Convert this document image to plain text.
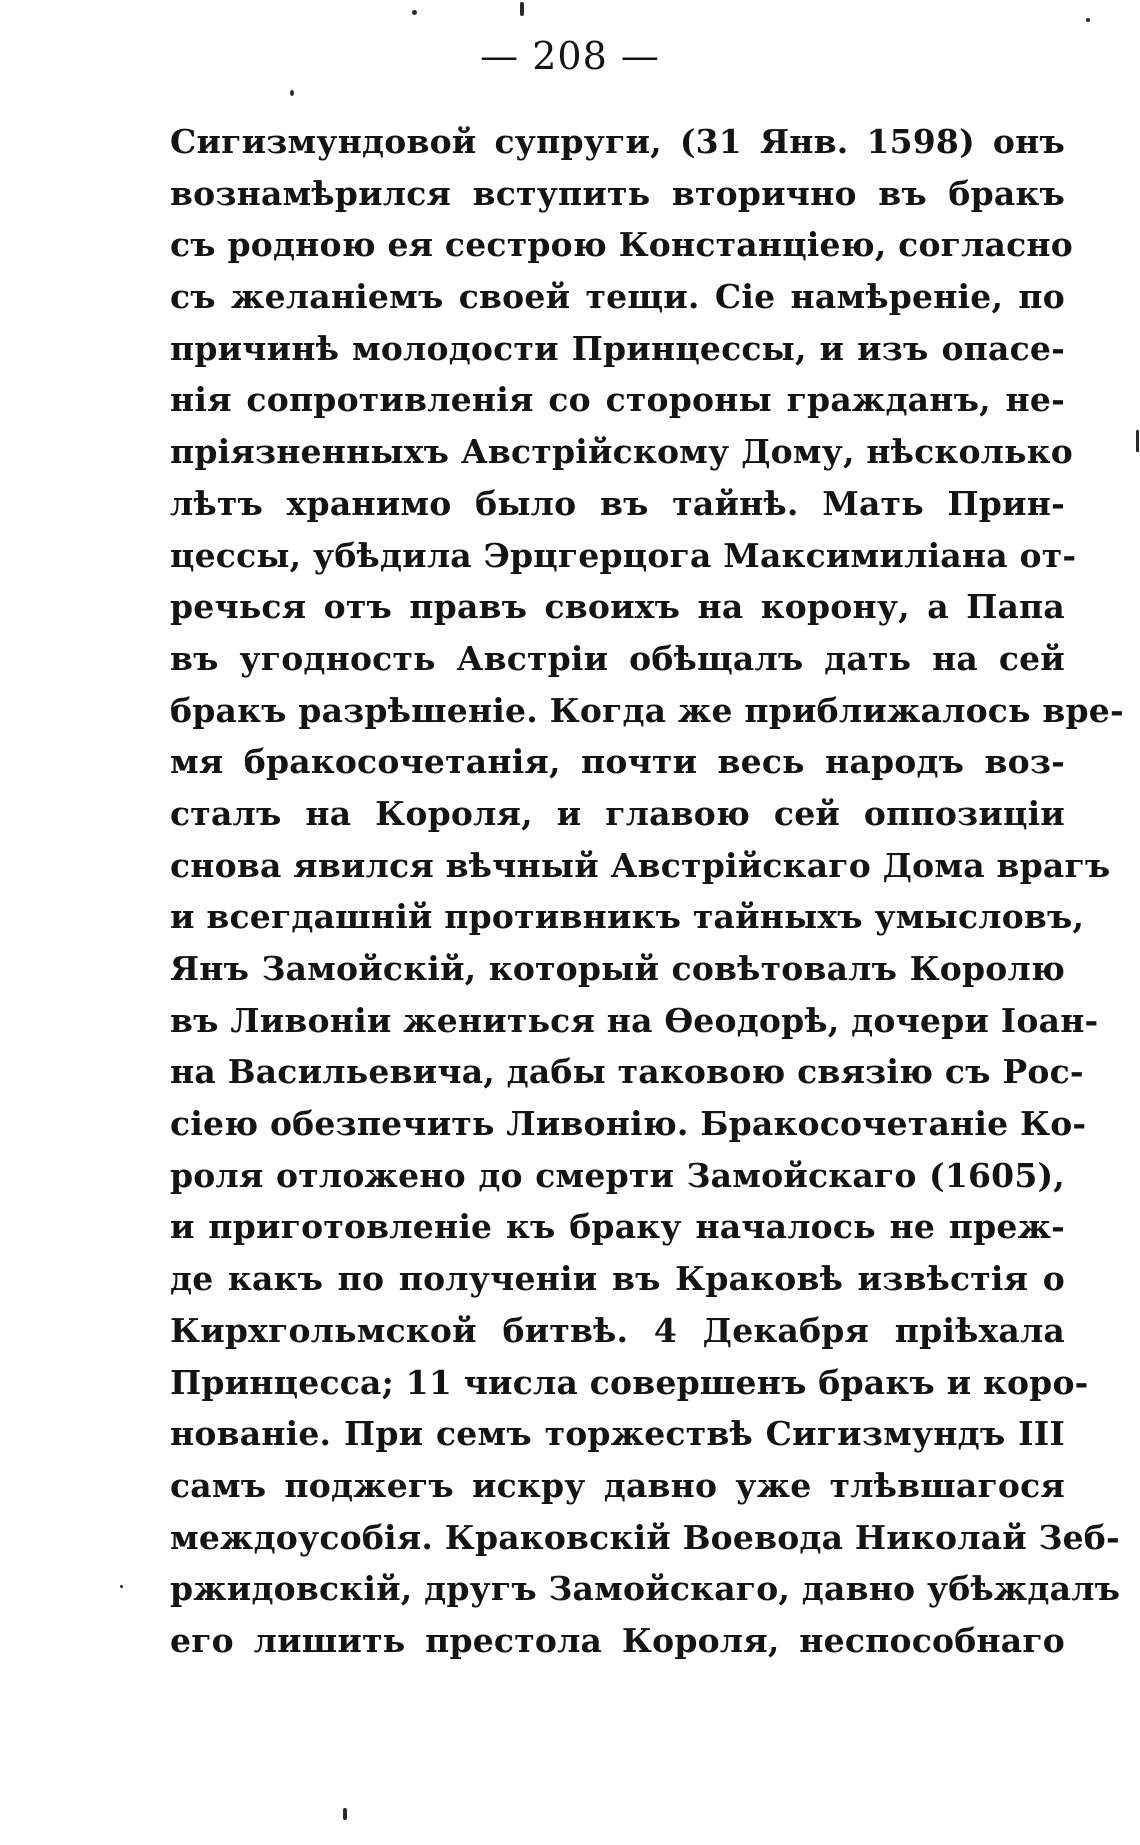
— 208 —
Сигизмундовой супруги, (31 Янв. 1598) онъ
вознамѣрился вступить вторично въ бракъ
съ родною ея сестрою Констанціею, согласно
съ желаніемъ своей тещи. Сіе намѣреніе, по
причинѣ молодости Принцессы, и изъ опасе-
нія сопротивленія со стороны гражданъ, не-
пріязненныхъ Австрійскому Дому, нѣсколько
лѣтъ хранимо было въ тайнѣ. Мать Прин-
цессы, убѣдила Эрцгерцога Максимиліана от-
речься отъ правъ своихъ на корону, а Папа
въ угодность Австріи обѣщалъ дать на сей
бракъ разрѣшеніе. Когда же приближалось вре-
мя бракосочетанія, почти весь народъ воз-
сталъ на Короля, и главою сей оппозиціи
снова явился вѣчный Австрійскаго Дома врагъ
и всегдашній противникъ тайныхъ умысловъ,
Янъ Замойскій, который совѣтовалъ Королю
въ Ливоніи жениться на Ѳеодорѣ, дочери Іоан-
на Васильевича, дабы таковою связію съ Рос-
сіею обезпечить Ливонію. Бракосочетаніе Ко-
роля отложено до смерти Замойскаго (1605),
и приготовленіе къ браку началось не преж-
де какъ по полученіи въ Краковѣ извѣстія о
Кирхгольмской битвѣ. 4 Декабря пріѣхала
Принцесса; 11 числа совершенъ бракъ и коро-
нованіе. При семъ торжествѣ Сигизмундъ III
самъ поджегъ искру давно уже тлѣвшагося
междоусобія. Краковскій Воевода Николай Зеб-
ржидовскій, другъ Замойскаго, давно убѣждалъ
его лишить престола Короля, неспособнаго
